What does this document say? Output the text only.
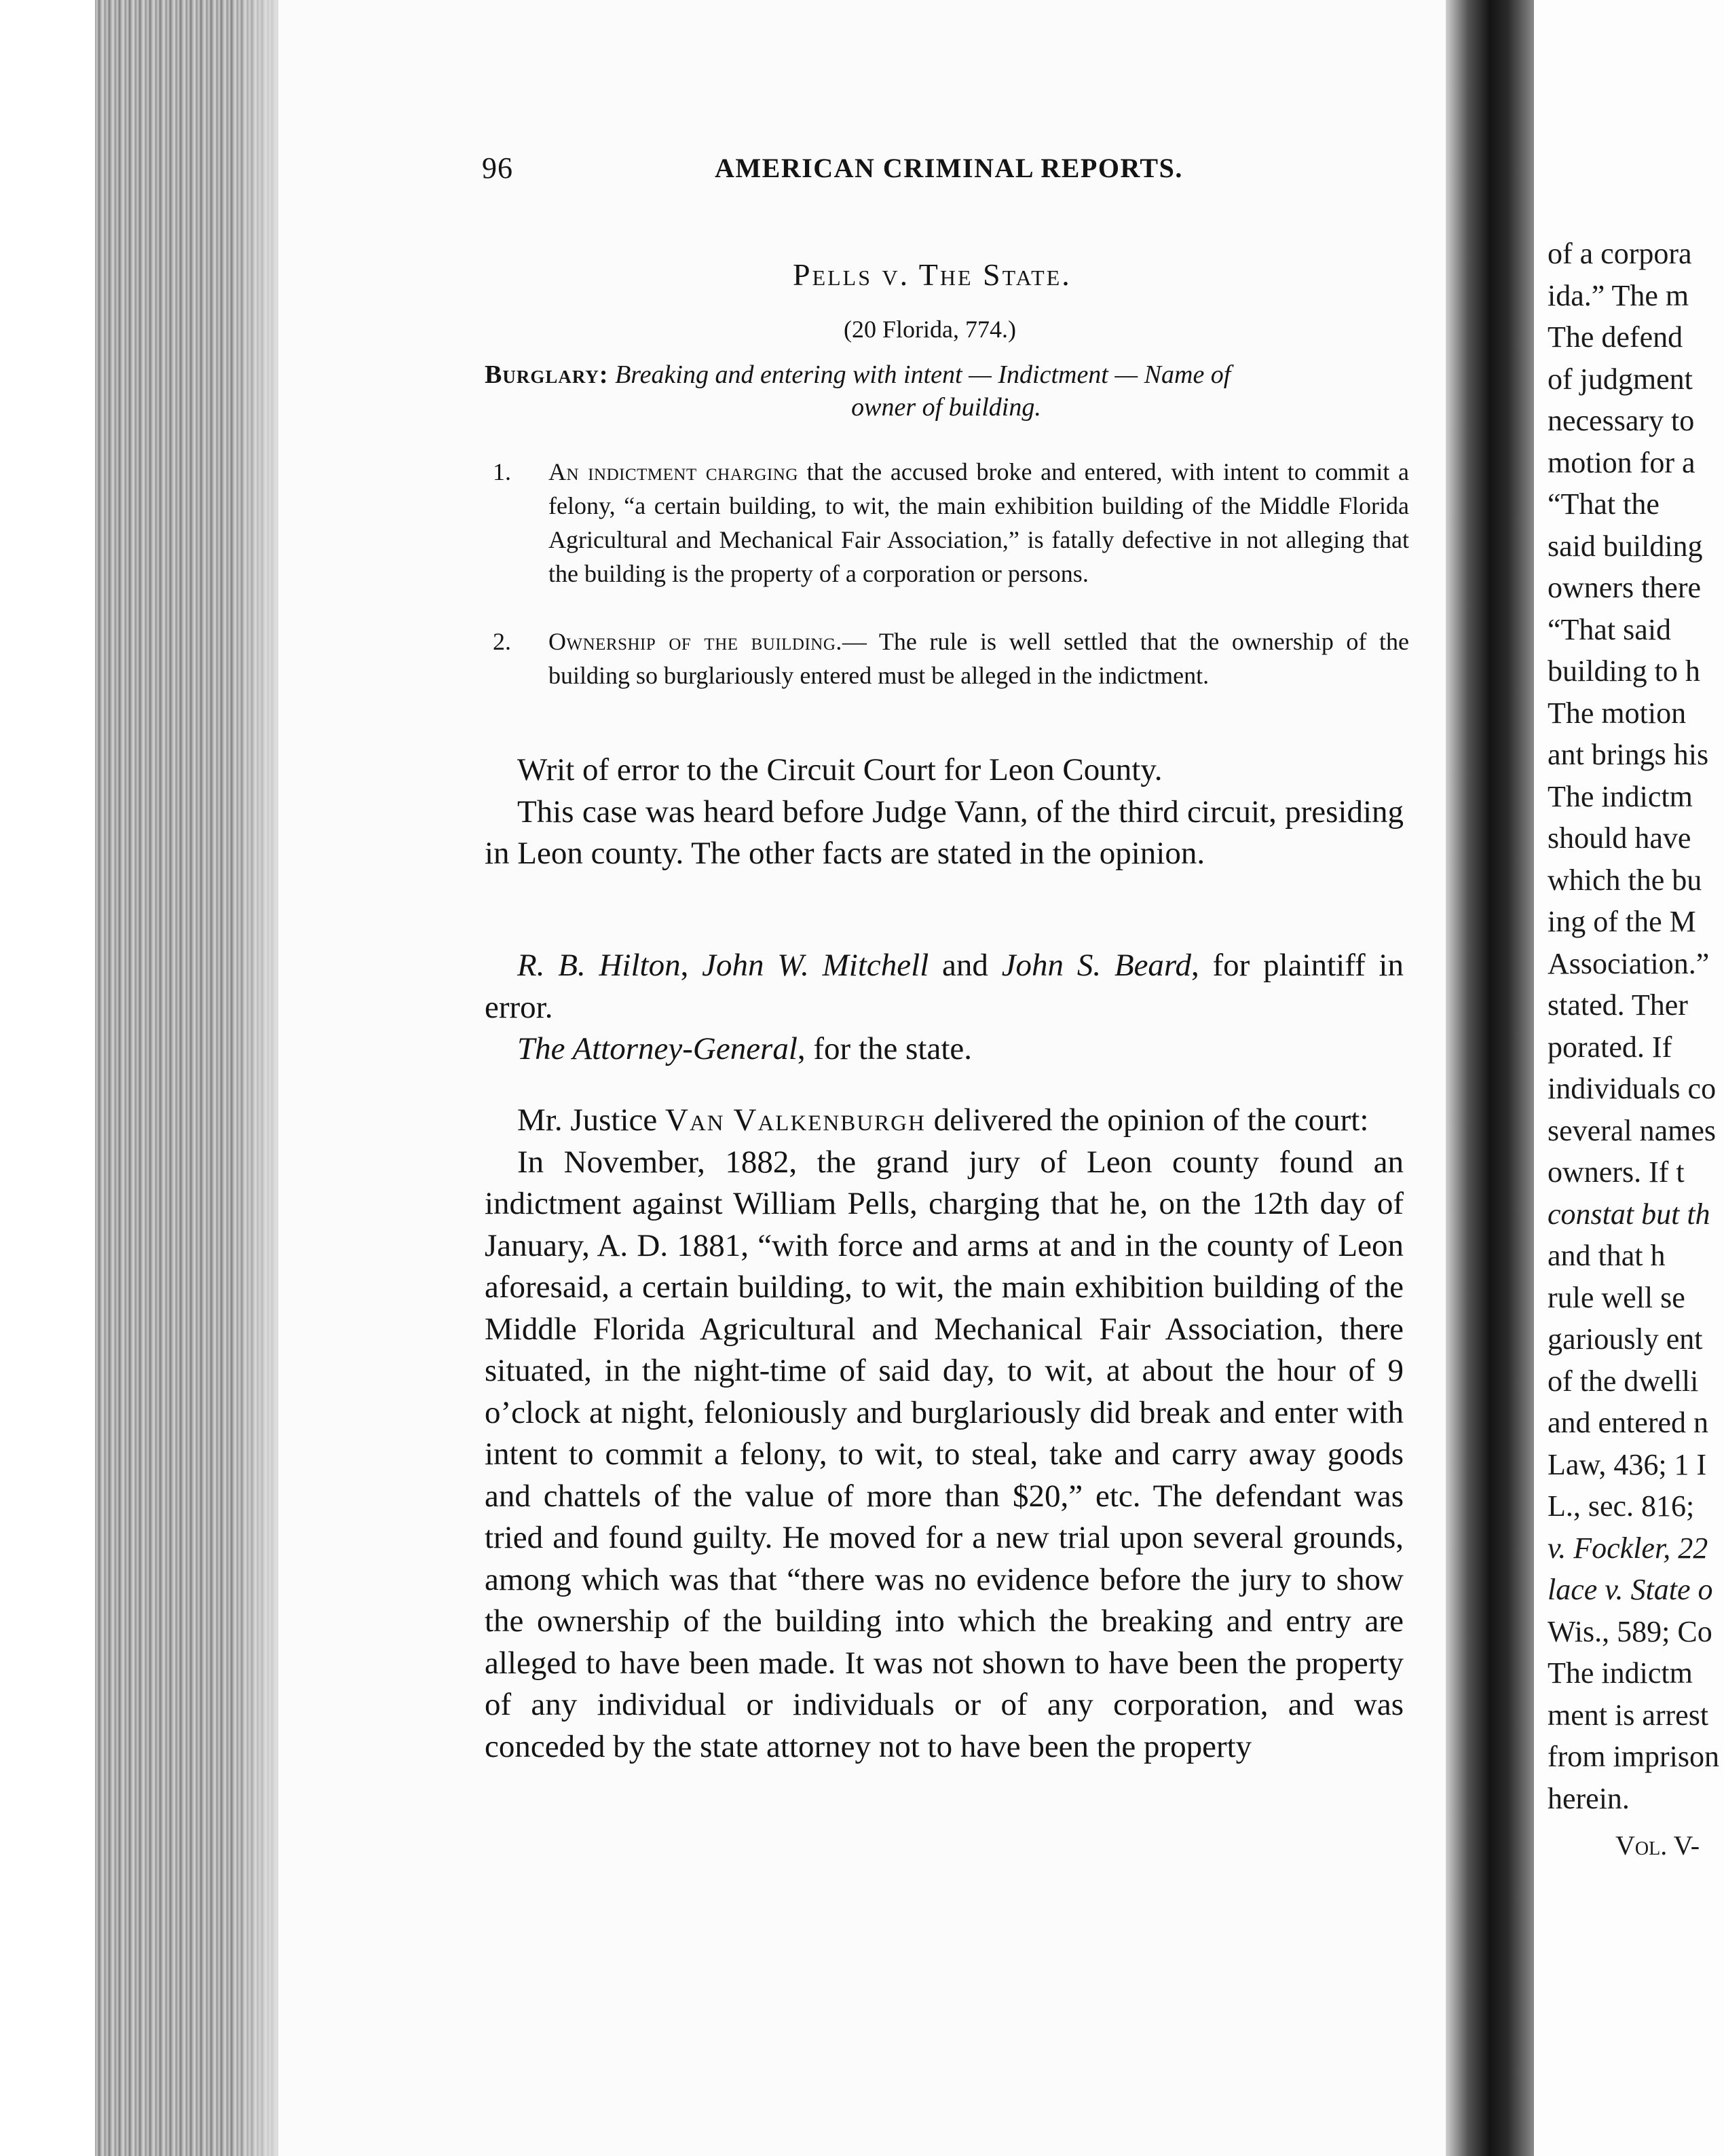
96	AMERICAN CRIMINAL REPORTS.
Pells v. The State.
(20 Florida, 774.)
Burglary: Breaking and entering with intent — Indictment — Name of
owner of building.
1. An indictment charging that the accused broke and entered, with intent to commit a felony, “a certain building, to wit, the main exhibition building of the Middle Florida Agricultural and Mechanical Fair Association,” is fatally defective in not alleging that the building is the property of a corporation or persons.
2. Ownership of the building.— The rule is well settled that the ownership of the building so burglariously entered must be alleged in the indictment.

Writ of error to the Circuit Court for Leon County.

This case was heard before Judge Vann, of the third circuit, presiding in Leon county. The other facts are stated in the opinion.

R. B. Hilton, John W. Mitchell and John S. Beard, for plaintiff in error.

The Attorney-General, for the state.

Mr. Justice Van Valkenburgh delivered the opinion of the court:

In November, 1882, the grand jury of Leon county found an indictment against William Pells, charging that he, on the 12th day of January, A. D. 1881, “with force and arms at and in the county of Leon aforesaid, a certain building, to wit, the main exhibition building of the Middle Florida Agricultural and Mechanical Fair Association, there situated, in the night-time of said day, to wit, at about the hour of 9 o’clock at night, feloniously and burglariously did break and enter with intent to commit a felony, to wit, to steal, take and carry away goods and chattels of the value of more than $20,” etc. The defendant was tried and found guilty. He moved for a new trial upon several grounds, among which was that “there was no evidence before the jury to show the ownership of the building into which the breaking and entry are alleged to have been made. It was not shown to have been the property of any individual or individuals or of any corporation, and was conceded by the state attorney not to have been the property

of a corpora
ida.” The m
The defend
of judgment
necessary to
motion for a
“That the
said building
owners there
“That said
building to h
The motion
ant brings his
The indictm
should have
which the bu
ing of the M
Association.”
stated. Ther
porated. If
individuals co
several names
owners. If t
constat but th
and that h
rule well se
gariously ent
of the dwelli
and entered n
Law, 436; 1 I
L., sec. 816;
v. Fockler, 22
lace v. State o
Wis., 589; Co
The indictm
ment is arrest
from imprison
herein.
Vol. V-
